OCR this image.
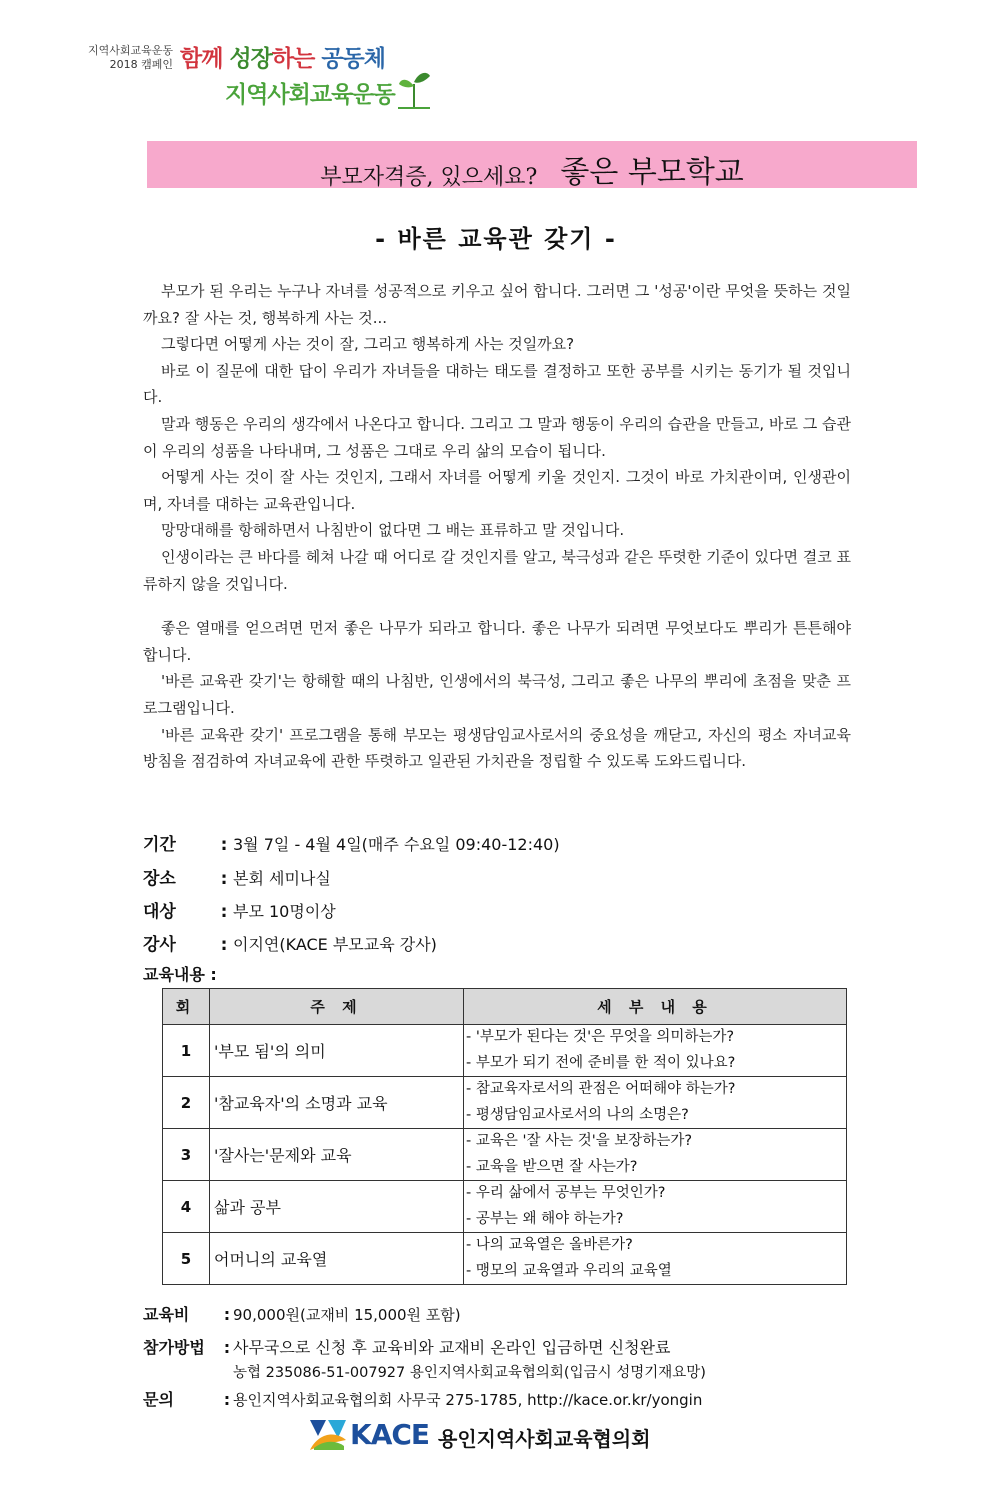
지역사회교육운동
2018 캠페인 함께 성장하는 공동체
지역사회교육운동
부모자격증, 있으세요? 좋은 부모학교
- 바른 교육관 갖기 -

부모가 된 우리는 누구나 자녀를 성공적으로 키우고 싶어 합니다. 그러면 그 '성공'이란 무엇을 뜻하는 것일까요? 잘 사는 것, 행복하게 사는 것...

그렇다면 어떻게 사는 것이 잘, 그리고 행복하게 사는 것일까요?

바로 이 질문에 대한 답이 우리가 자녀들을 대하는 태도를 결정하고 또한 공부를 시키는 동기가 될 것입니다.

말과 행동은 우리의 생각에서 나온다고 합니다. 그리고 그 말과 행동이 우리의 습관을 만들고, 바로 그 습관이 우리의 성품을 나타내며, 그 성품은 그대로 우리 삶의 모습이 됩니다.

어떻게 사는 것이 잘 사는 것인지, 그래서 자녀를 어떻게 키울 것인지. 그것이 바로 가치관이며, 인생관이며, 자녀를 대하는 교육관입니다.

망망대해를 항해하면서 나침반이 없다면 그 배는 표류하고 말 것입니다.

인생이라는 큰 바다를 헤쳐 나갈 때 어디로 갈 것인지를 알고, 북극성과 같은 뚜렷한 기준이 있다면 결코 표류하지 않을 것입니다.

좋은 열매를 얻으려면 먼저 좋은 나무가 되라고 합니다. 좋은 나무가 되려면 무엇보다도 뿌리가 튼튼해야 합니다.

'바른 교육관 갖기'는 항해할 때의 나침반, 인생에서의 북극성, 그리고 좋은 나무의 뿌리에 초점을 맞춘 프로그램입니다.

'바른 교육관 갖기' 프로그램을 통해 부모는 평생담임교사로서의 중요성을 깨닫고, 자신의 평소 자녀교육 방침을 점검하여 자녀교육에 관한 뚜렷하고 일관된 가치관을 정립할 수 있도록 도와드립니다.

기간	: 3월 7일 - 4월 4일(매주 수요일 09:40-12:40)
장소	: 본회 세미나실
대상	: 부모 10명이상
강사	: 이지연(KACE 부모교육 강사)
교육내용 :
회	주 제	세 부 내 용
1	'부모 됨'의 의미	- '부모가 된다는 것'은 무엇을 의미하는가?
- 부모가 되기 전에 준비를 한 적이 있나요?

2	'참교육자'의 소명과 교육	- 참교육자로서의 관점은 어떠해야 하는가?
- 평생담임교사로서의 나의 소명은?

3	'잘사는'문제와 교육	- 교육은 '잘 사는 것'을 보장하는가?
- 교육을 받으면 잘 사는가?

4	삶과 공부	- 우리 삶에서 공부는 무엇인가?
- 공부는 왜 해야 하는가?

5	어머니의 교육열	- 나의 교육열은 올바른가?
- 맹모의 교육열과 우리의 교육열
교육비 : 90,000원(교재비 15,000원 포함)
참가방법 : 사무국으로 신청 후 교육비와 교재비 온라인 입금하면 신청완료
농협 235086-51-007927 용인지역사회교육협의회(입금시 성명기재요망)
문의	: 용인지역사회교육협의회 사무국 275-1785, http://kace.or.kr/yongin
KACE 용인지역사회교육협의회
